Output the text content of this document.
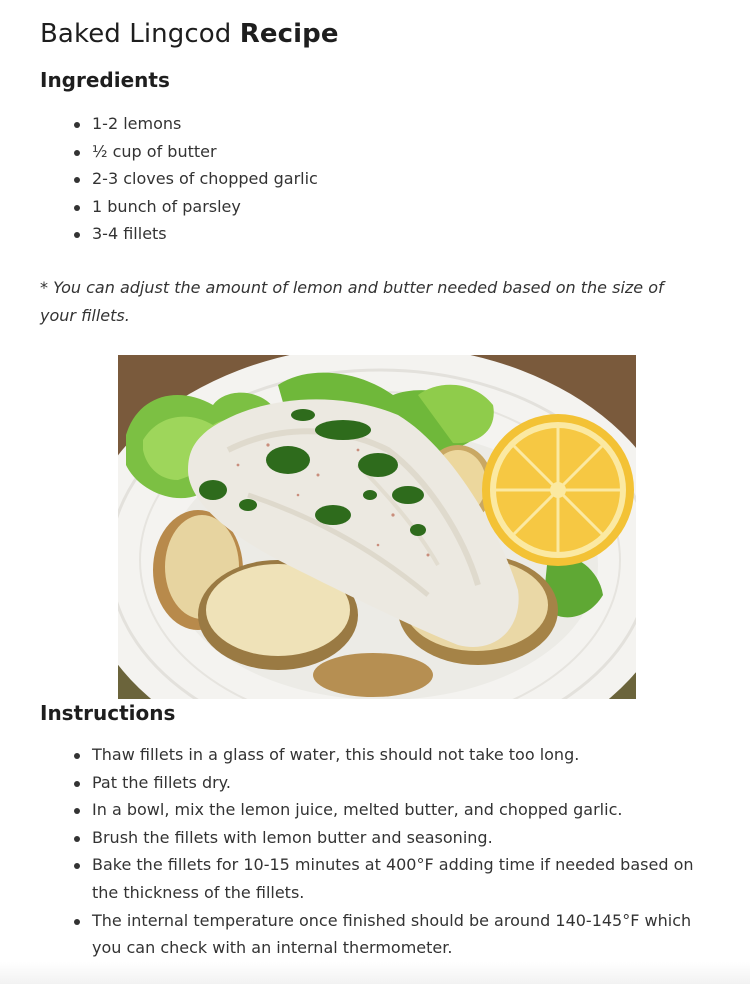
Baked Lingcod Recipe
Ingredients
1-2 lemons
½ cup of butter
2-3 cloves of chopped garlic
1 bunch of parsley
3-4 fillets

* You can adjust the amount of lemon and butter needed based on the size of your fillets.

Instructions
Thaw fillets in a glass of water, this should not take too long.
Pat the fillets dry.
In a bowl, mix the lemon juice, melted butter, and chopped garlic.
Brush the fillets with lemon butter and seasoning.
Bake the fillets for 10-15 minutes at 400°F adding time if needed based on the thickness of the fillets.
The internal temperature once finished should be around 140-145°F which you can check with an internal thermometer.
